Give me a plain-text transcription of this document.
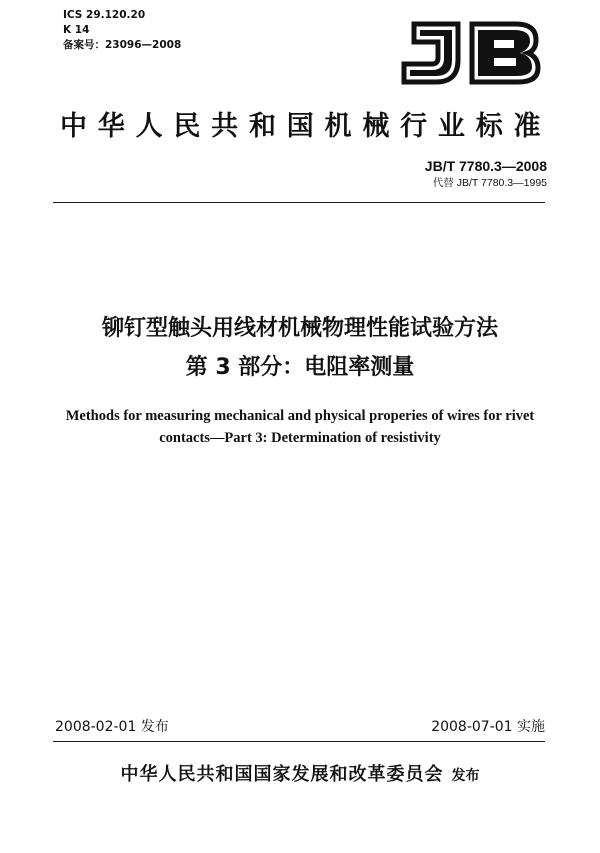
ICS 29.120.20
K 14
备案号：23096—2008
中华人民共和国机械行业标准
JB/T 7780.3—2008
代替 JB/T 7780.3—1995
铆钉型触头用线材机械物理性能试验方法
第 3 部分：电阻率测量
Methods for measuring mechanical and physical properies of wires for rivet
contacts—Part 3: Determination of resistivity
2008-02-01 发布	2008-07-01 实施
中华人民共和国国家发展和改革委员会 发布
